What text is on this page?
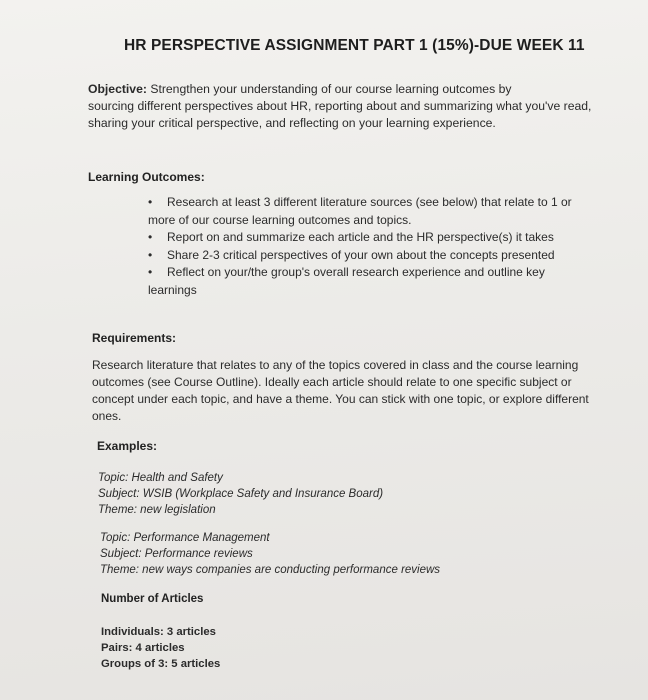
HR PERSPECTIVE ASSIGNMENT PART 1 (15%)-DUE WEEK 11
Objective: Strengthen your understanding of our course learning outcomes by
sourcing different perspectives about HR, reporting about and summarizing what you've read,
sharing your critical perspective, and reflecting on your learning experience.
Learning Outcomes:
• Research at least 3 different literature sources (see below) that relate to 1 or
more of our course learning outcomes and topics.
• Report on and summarize each article and the HR perspective(s) it takes
• Share 2-3 critical perspectives of your own about the concepts presented
• Reflect on your/the group's overall research experience and outline key
learnings
Requirements:
Research literature that relates to any of the topics covered in class and the course learning
outcomes (see Course Outline). Ideally each article should relate to one specific subject or
concept under each topic, and have a theme. You can stick with one topic, or explore different
ones.
Examples:
Topic: Health and Safety
Subject: WSIB (Workplace Safety and Insurance Board)
Theme: new legislation
Topic: Performance Management
Subject: Performance reviews
Theme: new ways companies are conducting performance reviews
Number of Articles
Individuals: 3 articles
Pairs: 4 articles
Groups of 3: 5 articles
